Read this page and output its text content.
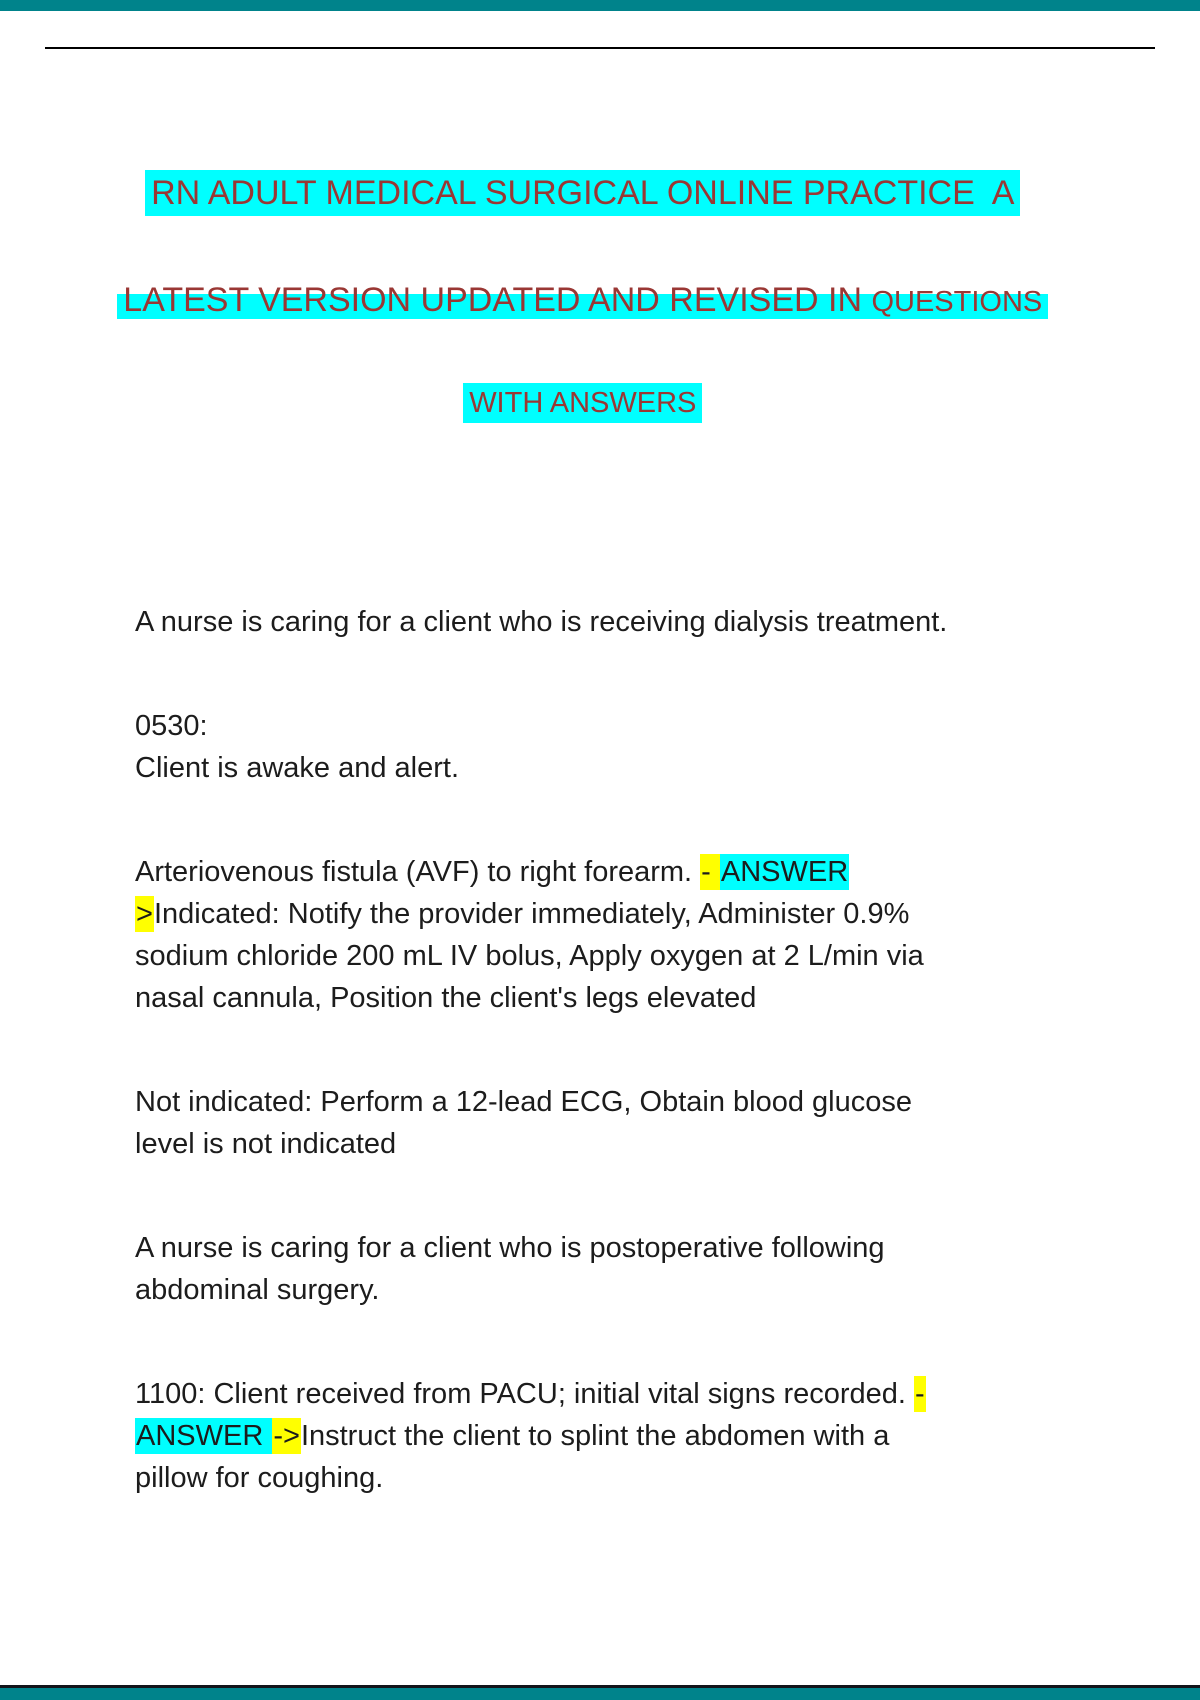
RN ADULT MEDICAL SURGICAL ONLINE PRACTICE  A

LATEST VERSION UPDATED AND REVISED IN QUESTIONS

WITH ANSWERS

A nurse is caring for a client who is receiving dialysis treatment.

0530:
Client is awake and alert.

Arteriovenous fistula (AVF) to right forearm. - ANSWER
>Indicated: Notify the provider immediately, Administer 0.9%
sodium chloride 200 mL IV bolus, Apply oxygen at 2 L/min via
nasal cannula, Position the client's legs elevated

Not indicated: Perform a 12-lead ECG, Obtain blood glucose
level is not indicated

A nurse is caring for a client who is postoperative following
abdominal surgery.

1100: Client received from PACU; initial vital signs recorded. -
ANSWER ->Instruct the client to splint the abdomen with a
pillow for coughing.
